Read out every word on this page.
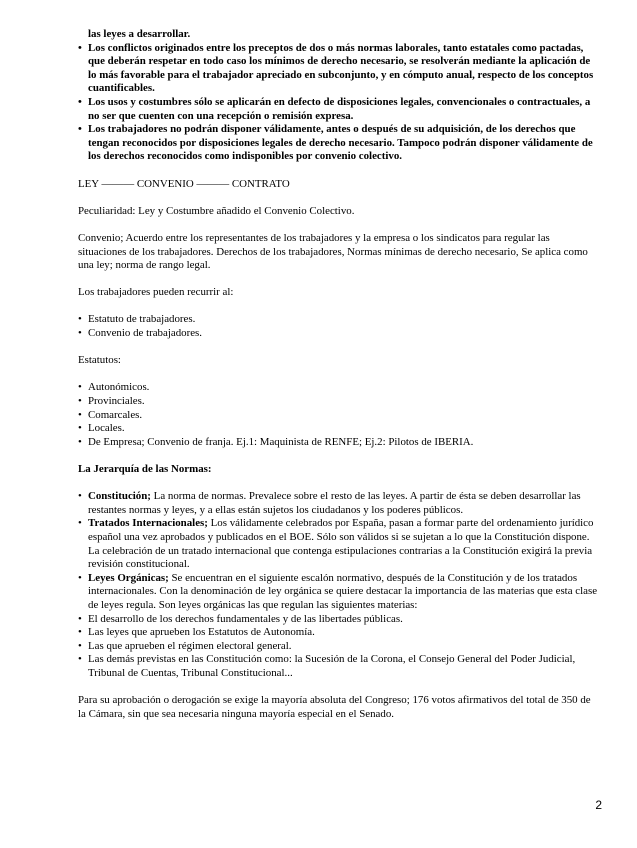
las leyes a desarrollar.

• Los conflictos originados entre los preceptos de dos o más normas laborales, tanto estatales como pactadas, que deberán respetar en todo caso los mínimos de derecho necesario, se resolverán mediante la aplicación de lo más favorable para el trabajador apreciado en subconjunto, y en cómputo anual, respecto de los conceptos cuantificables.
• Los usos y costumbres sólo se aplicarán en defecto de disposiciones legales, convencionales o contractuales, a no ser que cuenten con una recepción o remisión expresa.
• Los trabajadores no podrán disponer válidamente, antes o después de su adquisición, de los derechos que tengan reconocidos por disposiciones legales de derecho necesario. Tampoco podrán disponer válidamente de los derechos reconocidos como indisponibles por convenio colectivo.

LEY ——— CONVENIO ——— CONTRATO

Peculiaridad: Ley y Costumbre añadido el Convenio Colectivo.

Convenio; Acuerdo entre los representantes de los trabajadores y la empresa o los sindicatos para regular las situaciones de los trabajadores. Derechos de los trabajadores, Normas mínimas de derecho necesario, Se aplica como una ley; norma de rango legal.

Los trabajadores pueden recurrir al:

• Estatuto de trabajadores.
• Convenio de trabajadores.

Estatutos:

• Autonómicos.
• Provinciales.
• Comarcales.
• Locales.
• De Empresa; Convenio de franja. Ej.1: Maquinista de RENFE; Ej.2: Pilotos de IBERIA.

La Jerarquía de las Normas:

• Constitución; La norma de normas. Prevalece sobre el resto de las leyes. A partir de ésta se deben desarrollar las restantes normas y leyes, y a ellas están sujetos los ciudadanos y los poderes públicos.
• Tratados Internacionales; Los válidamente celebrados por España, pasan a formar parte del ordenamiento jurídico español una vez aprobados y publicados en el BOE. Sólo son válidos si se sujetan a lo que la Constitución dispone. La celebración de un tratado internacional que contenga estipulaciones contrarias a la Constitución exigirá la previa revisión constitucional.
• Leyes Orgánicas; Se encuentran en el siguiente escalón normativo, después de la Constitución y de los tratados internacionales. Con la denominación de ley orgánica se quiere destacar la importancia de las materias que esta clase de leyes regula. Son leyes orgánicas las que regulan las siguientes materias:
• El desarrollo de los derechos fundamentales y de las libertades públicas.
• Las leyes que aprueben los Estatutos de Autonomía.
• Las que aprueben el régimen electoral general.
• Las demás previstas en las Constitución como: la Sucesión de la Corona, el Consejo General del Poder Judicial, Tribunal de Cuentas, Tribunal Constitucional...

Para su aprobación o derogación se exige la mayoría absoluta del Congreso; 176 votos afirmativos del total de 350 de la Cámara, sin que sea necesaria ninguna mayoría especial en el Senado.

2
